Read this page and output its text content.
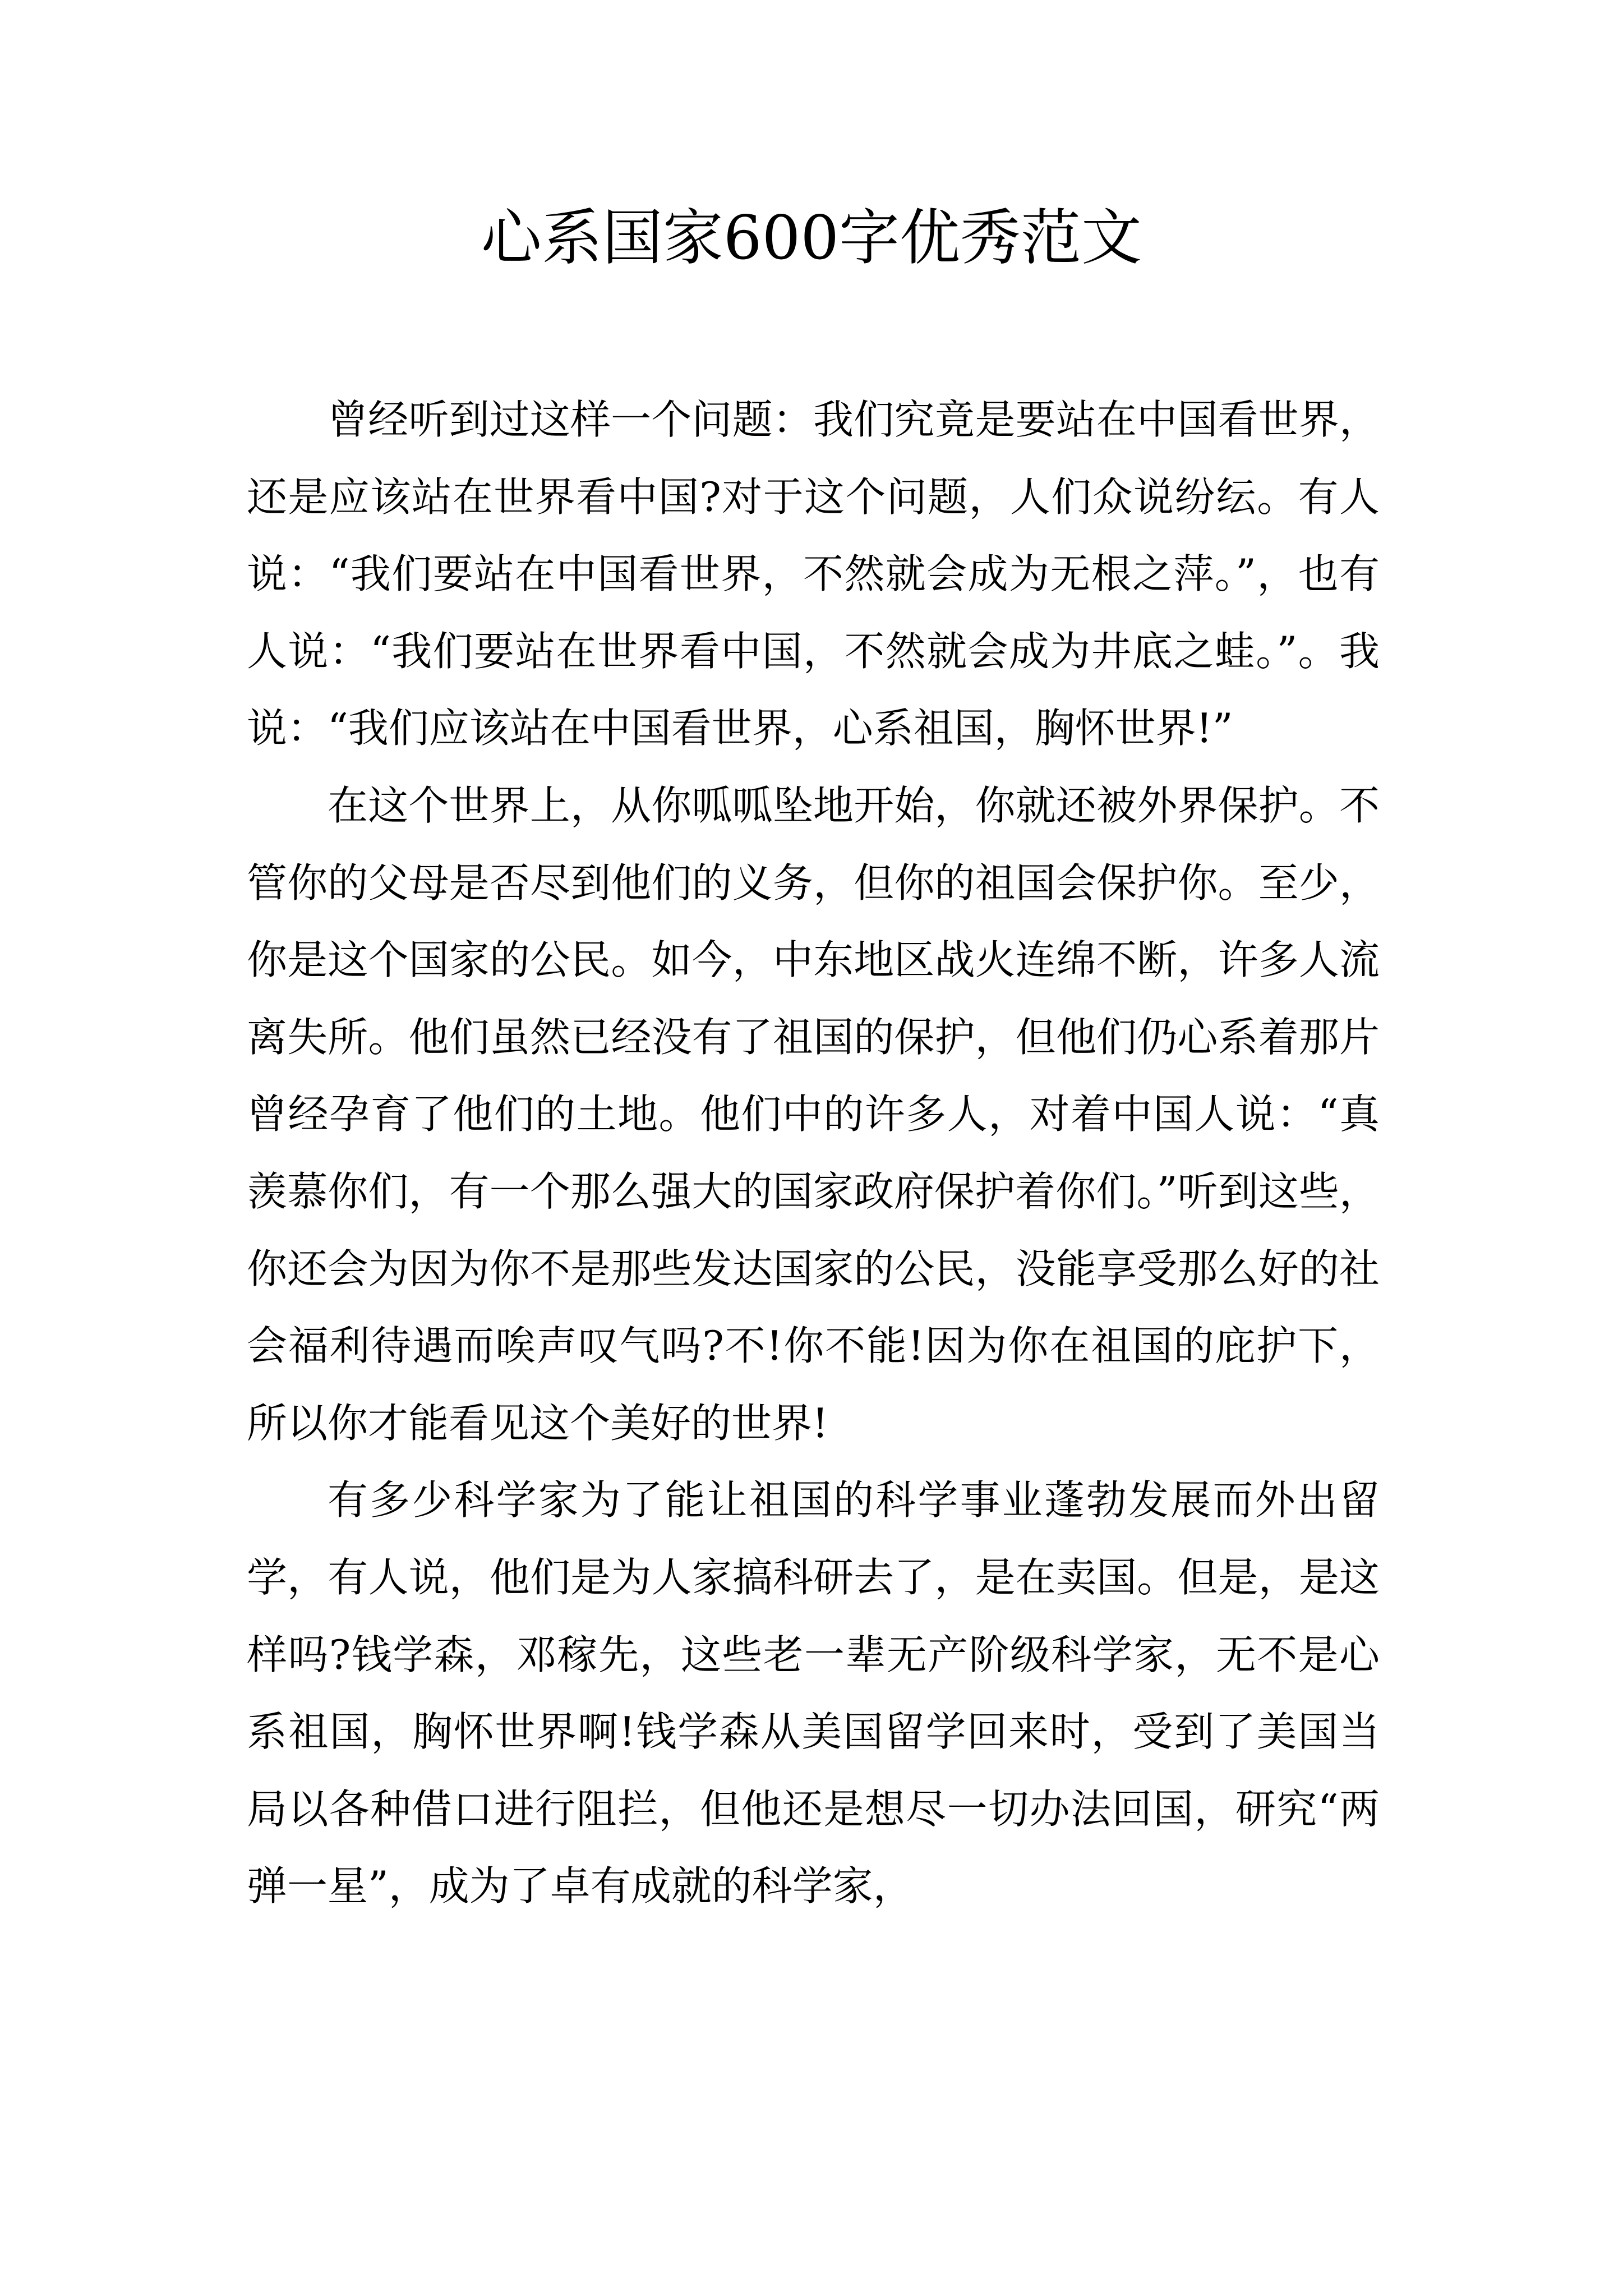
心系国家600字优秀范文

曾经听到过这样一个问题：我们究竟是要站在中国看世界，还是应该站在世界看中国?对于这个问题，人们众说纷纭。有人说：“我们要站在中国看世界，不然就会成为无根之萍。”，也有人说：“我们要站在世界看中国，不然就会成为井底之蛙。”。我说：“我们应该站在中国看世界，心系祖国，胸怀世界!”

在这个世界上，从你呱呱坠地开始，你就还被外界保护。不管你的父母是否尽到他们的义务，但你的祖国会保护你。至少，你是这个国家的公民。如今，中东地区战火连绵不断，许多人流离失所。他们虽然已经没有了祖国的保护，但他们仍心系着那片曾经孕育了他们的土地。他们中的许多人，对着中国人说：“真羡慕你们，有一个那么强大的国家政府保护着你们。”听到这些，你还会为因为你不是那些发达国家的公民，没能享受那么好的社会福利待遇而唉声叹气吗?不!你不能!因为你在祖国的庇护下，所以你才能看见这个美好的世界!

有多少科学家为了能让祖国的科学事业蓬勃发展而外出留学，有人说，他们是为人家搞科研去了，是在卖国。但是，是这样吗?钱学森，邓稼先，这些老一辈无产阶级科学家，无不是心系祖国，胸怀世界啊!钱学森从美国留学回来时，受到了美国当局以各种借口进行阻拦，但他还是想尽一切办法回国，研究“两弹一星”，成为了卓有成就的科学家，
